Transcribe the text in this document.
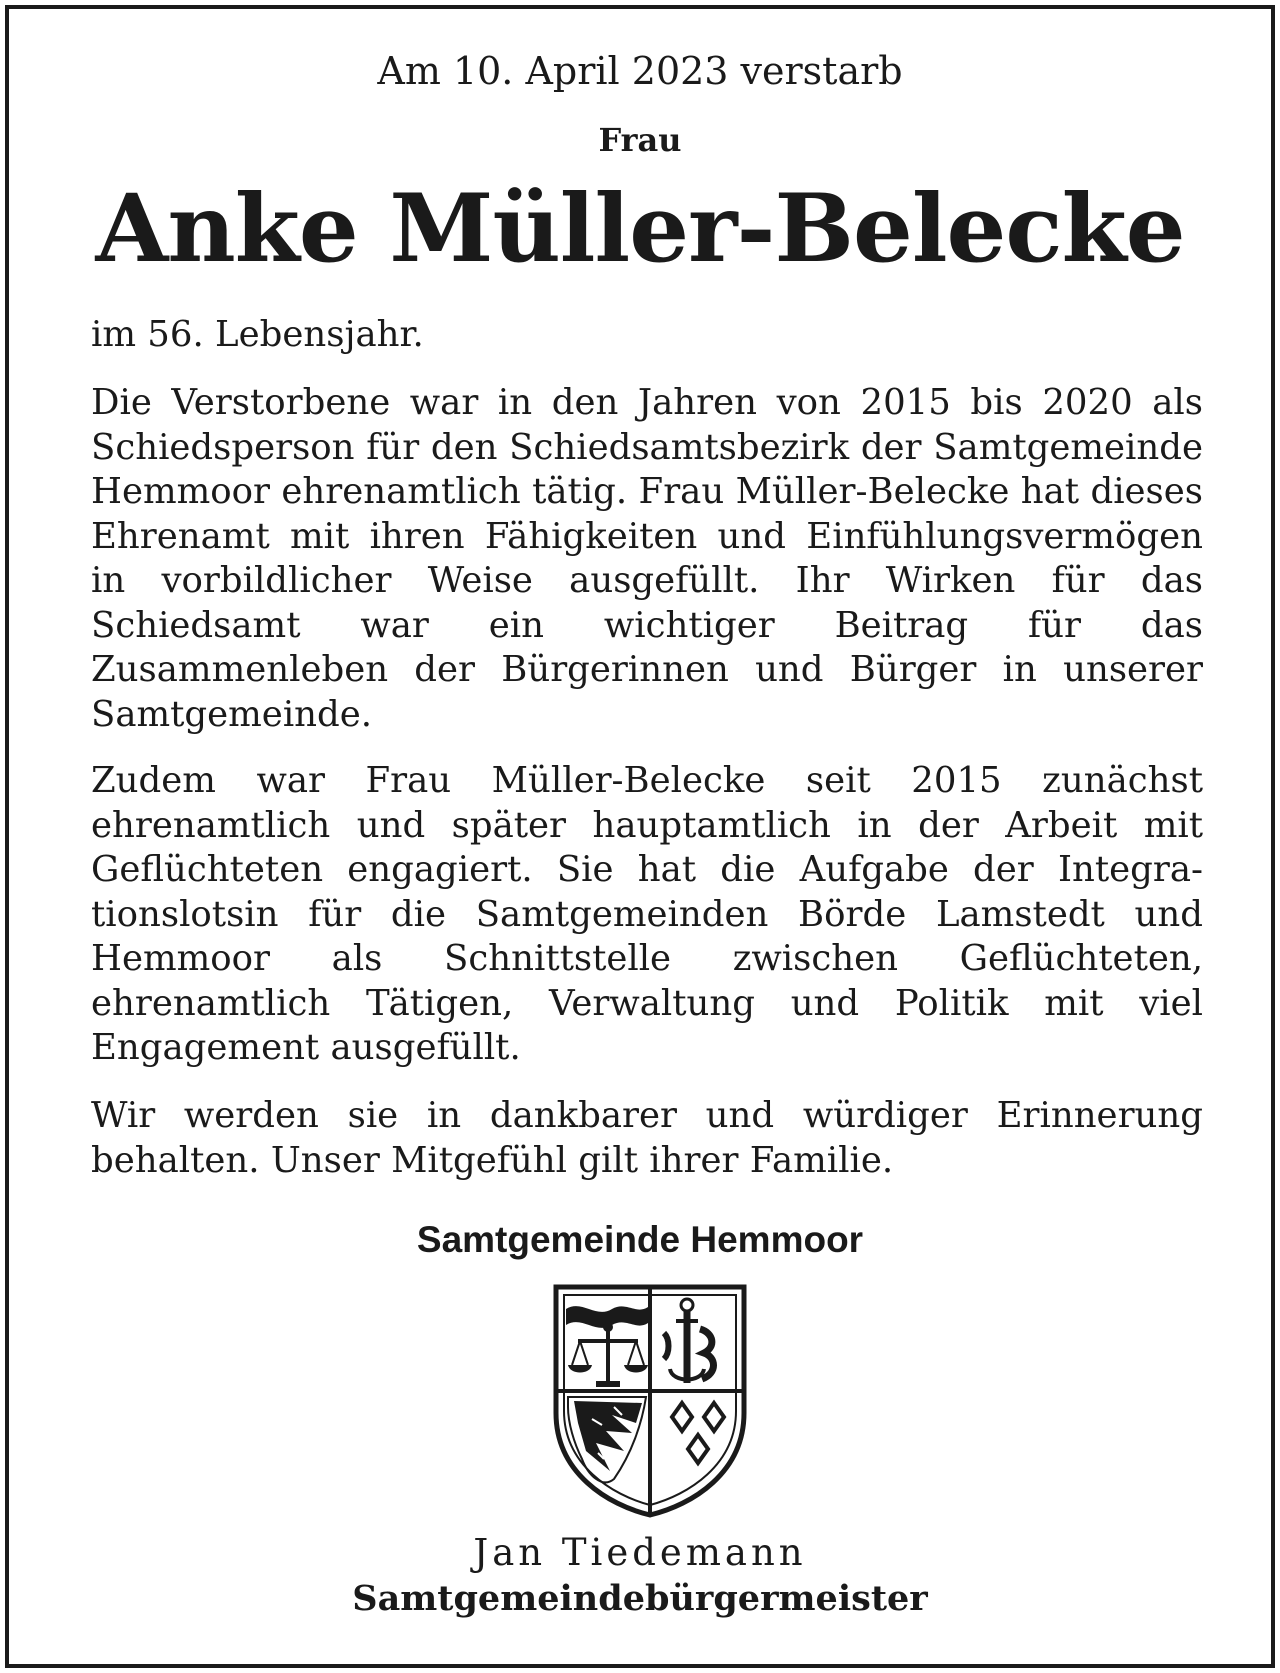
Am 10. April 2023 verstarb
Frau
Anke Müller-Belecke
im 56. Lebensjahr.
Die Verstorbene war in den Jahren von 2015 bis 2020 als Schiedsperson für den Schiedsamtsbezirk der Samtgemeinde Hemmoor ehrenamtlich tätig. Frau Müller-Belecke hat dieses Ehrenamt mit ihren Fähigkeiten und Einfühlungsvermögen in vorbildlicher Weise ausgefüllt. Ihr Wirken für das Schiedsamt war ein wichtiger Beitrag für das Zusammenleben der Bürgerinnen und Bürger in unserer Samtgemeinde.
Zudem war Frau Müller-Belecke seit 2015 zunächst ehrenamtlich und später hauptamtlich in der Arbeit mit Geflüchteten engagiert. Sie hat die Aufgabe der Integrationslotsin für die Samtgemeinden Börde Lamstedt und Hemmoor als Schnittstelle zwischen Geflüchteten, ehrenamtlich Tätigen, Verwaltung und Politik mit viel Engagement ausgefüllt.
Wir werden sie in dankbarer und würdiger Erinnerung behalten. Unser Mitgefühl gilt ihrer Familie.
Samtgemeinde Hemmoor
Jan Tiedemann
Samtgemeindebürgermeister
